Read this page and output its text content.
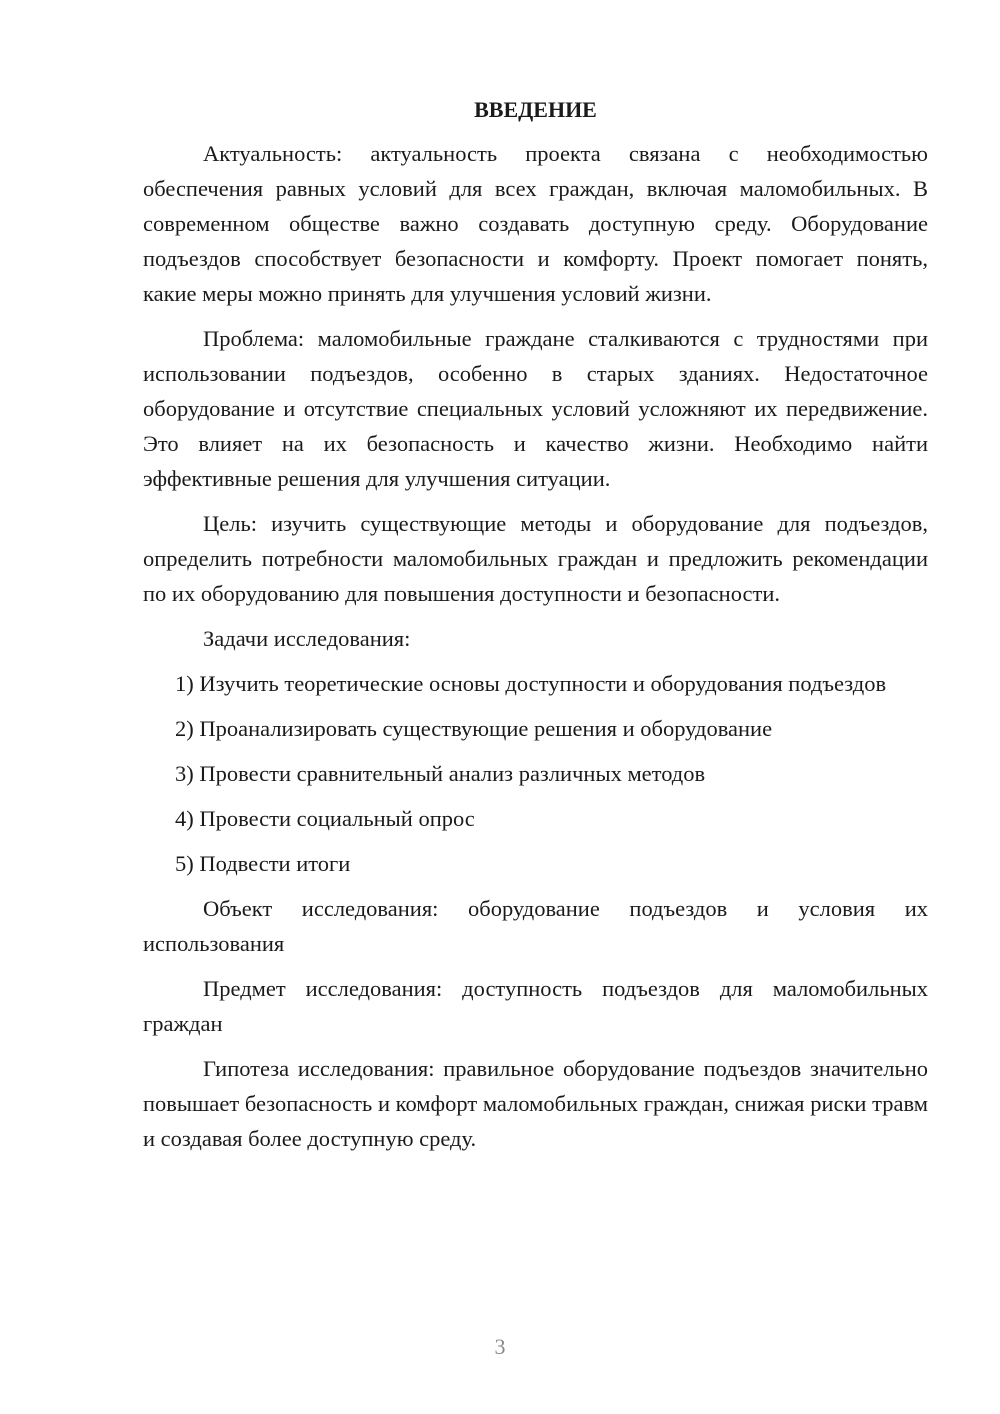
ВВЕДЕНИЕ

Актуальность: актуальность проекта связана с необходимостью обеспечения равных условий для всех граждан, включая маломобильных. В современном обществе важно создавать доступную среду. Оборудование подъездов способствует безопасности и комфорту. Проект помогает понять, какие меры можно принять для улучшения условий жизни.

Проблема: маломобильные граждане сталкиваются с трудностями при использовании подъездов, особенно в старых зданиях. Недостаточное оборудование и отсутствие специальных условий усложняют их передвижение. Это влияет на их безопасность и качество жизни. Необходимо найти эффективные решения для улучшения ситуации.

Цель: изучить существующие методы и оборудование для подъездов, определить потребности маломобильных граждан и предложить рекомендации по их оборудованию для повышения доступности и безопасности.

Задачи исследования:

1) Изучить теоретические основы доступности и оборудования подъездов

2) Проанализировать существующие решения и оборудование

3) Провести сравнительный анализ различных методов

4) Провести социальный опрос

5) Подвести итоги

Объект исследования: оборудование подъездов и условия их использования

Предмет исследования: доступность подъездов для маломобильных граждан

Гипотеза исследования: правильное оборудование подъездов значительно повышает безопасность и комфорт маломобильных граждан, снижая риски травм и создавая более доступную среду.

3
